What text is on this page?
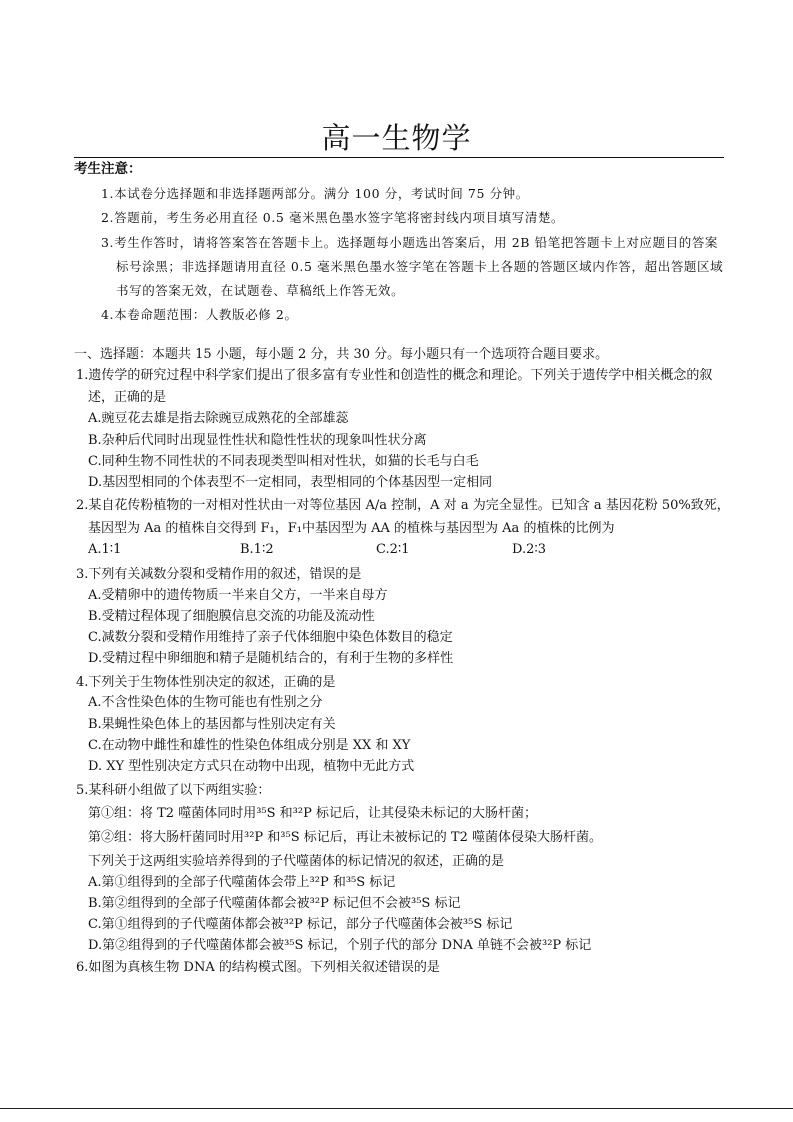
高一生物学
考生注意：
1.本试卷分选择题和非选择题两部分。满分 100 分，考试时间 75 分钟。
2.答题前，考生务必用直径 0.5 毫米黑色墨水签字笔将密封线内项目填写清楚。
3.考生作答时，请将答案答在答题卡上。选择题每小题选出答案后，用 2B 铅笔把答题卡上对应题目的答案
标号涂黑；非选择题请用直径 0.5 毫米黑色墨水签字笔在答题卡上各题的答题区域内作答，超出答题区域
书写的答案无效，在试题卷、草稿纸上作答无效。
4.本卷命题范围：人教版必修 2。
一、选择题：本题共 15 小题，每小题 2 分，共 30 分。每小题只有一个选项符合题目要求。
1.遗传学的研究过程中科学家们提出了很多富有专业性和创造性的概念和理论。下列关于遗传学中相关概念的叙
述，正确的是
A.豌豆花去雄是指去除豌豆成熟花的全部雄蕊
B.杂种后代同时出现显性性状和隐性性状的现象叫性状分离
C.同种生物不同性状的不同表现类型叫相对性状，如猫的长毛与白毛
D.基因型相同的个体表型不一定相同，表型相同的个体基因型一定相同
2.某自花传粉植物的一对相对性状由一对等位基因 A/a 控制，A 对 a 为完全显性。已知含 a 基因花粉 50%致死，
基因型为 Aa 的植株自交得到 F₁，F₁中基因型为 AA 的植株与基因型为 Aa 的植株的比例为
A.1∶1	B.1∶2	C.2∶1	D.2∶3
3.下列有关减数分裂和受精作用的叙述，错误的是
A.受精卵中的遗传物质一半来自父方，一半来自母方
B.受精过程体现了细胞膜信息交流的功能及流动性
C.减数分裂和受精作用维持了亲子代体细胞中染色体数目的稳定
D.受精过程中卵细胞和精子是随机结合的，有利于生物的多样性
4.下列关于生物体性别决定的叙述，正确的是
A.不含性染色体的生物可能也有性别之分
B.果蝇性染色体上的基因都与性别决定有关
C.在动物中雌性和雄性的性染色体组成分别是 XX 和 XY
D. XY 型性别决定方式只在动物中出现，植物中无此方式
5.某科研小组做了以下两组实验：
第①组：将 T2 噬菌体同时用³⁵S 和³²P 标记后，让其侵染未标记的大肠杆菌；
第②组：将大肠杆菌同时用³²P 和³⁵S 标记后，再让未被标记的 T2 噬菌体侵染大肠杆菌。
下列关于这两组实验培养得到的子代噬菌体的标记情况的叙述，正确的是
A.第①组得到的全部子代噬菌体会带上³²P 和³⁵S 标记
B.第②组得到的全部子代噬菌体都会被³²P 标记但不会被³⁵S 标记
C.第①组得到的子代噬菌体都会被³²P 标记，部分子代噬菌体会被³⁵S 标记
D.第②组得到的子代噬菌体都会被³⁵S 标记，个别子代的部分 DNA 单链不会被³²P 标记
6.如图为真核生物 DNA 的结构模式图。下列相关叙述错误的是
